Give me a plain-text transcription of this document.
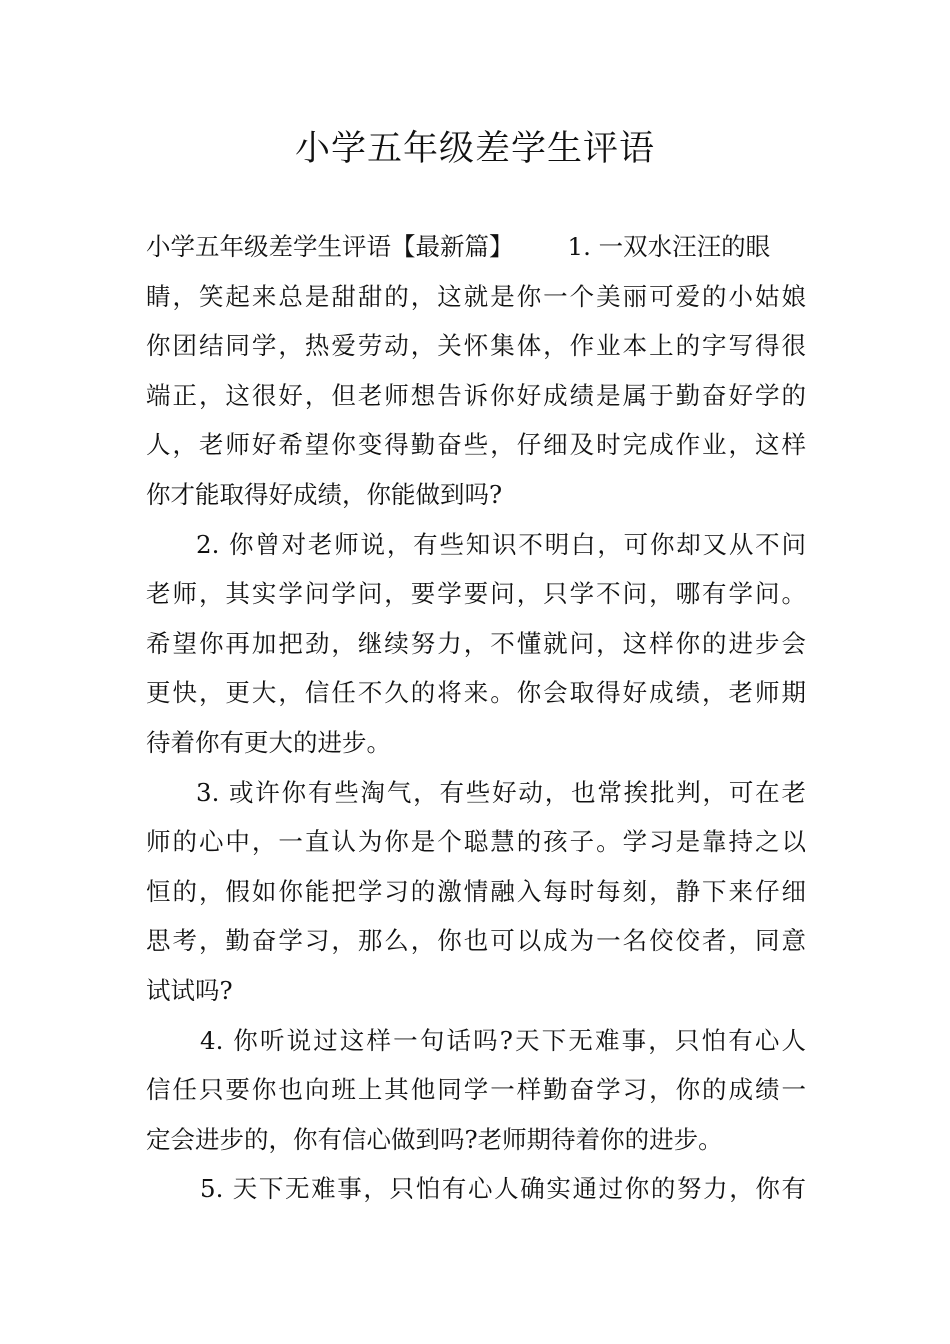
小学五年级差学生评语
小学五年级差学生评语【最新篇】 1. 一双水汪汪的眼
睛，笑起来总是甜甜的，这就是你一个美丽可爱的小姑娘
你团结同学，热爱劳动，关怀集体，作业本上的字写得很
端正，这很好，但老师想告诉你好成绩是属于勤奋好学的
人，老师好希望你变得勤奋些，仔细及时完成作业，这样
你才能取得好成绩，你能做到吗?
2. 你曾对老师说，有些知识不明白，可你却又从不问
老师，其实学问学问，要学要问，只学不问，哪有学问。
希望你再加把劲，继续努力，不懂就问，这样你的进步会
更快，更大，信任不久的将来。你会取得好成绩，老师期
待着你有更大的进步。
3. 或许你有些淘气，有些好动，也常挨批判，可在老
师的心中，一直认为你是个聪慧的孩子。学习是靠持之以
恒的，假如你能把学习的激情融入每时每刻，静下来仔细
思考，勤奋学习，那么，你也可以成为一名佼佼者，同意
试试吗?
4. 你听说过这样一句话吗?天下无难事，只怕有心人
信任只要你也向班上其他同学一样勤奋学习，你的成绩一
定会进步的，你有信心做到吗?老师期待着你的进步。
5. 天下无难事，只怕有心人确实通过你的努力，你有
